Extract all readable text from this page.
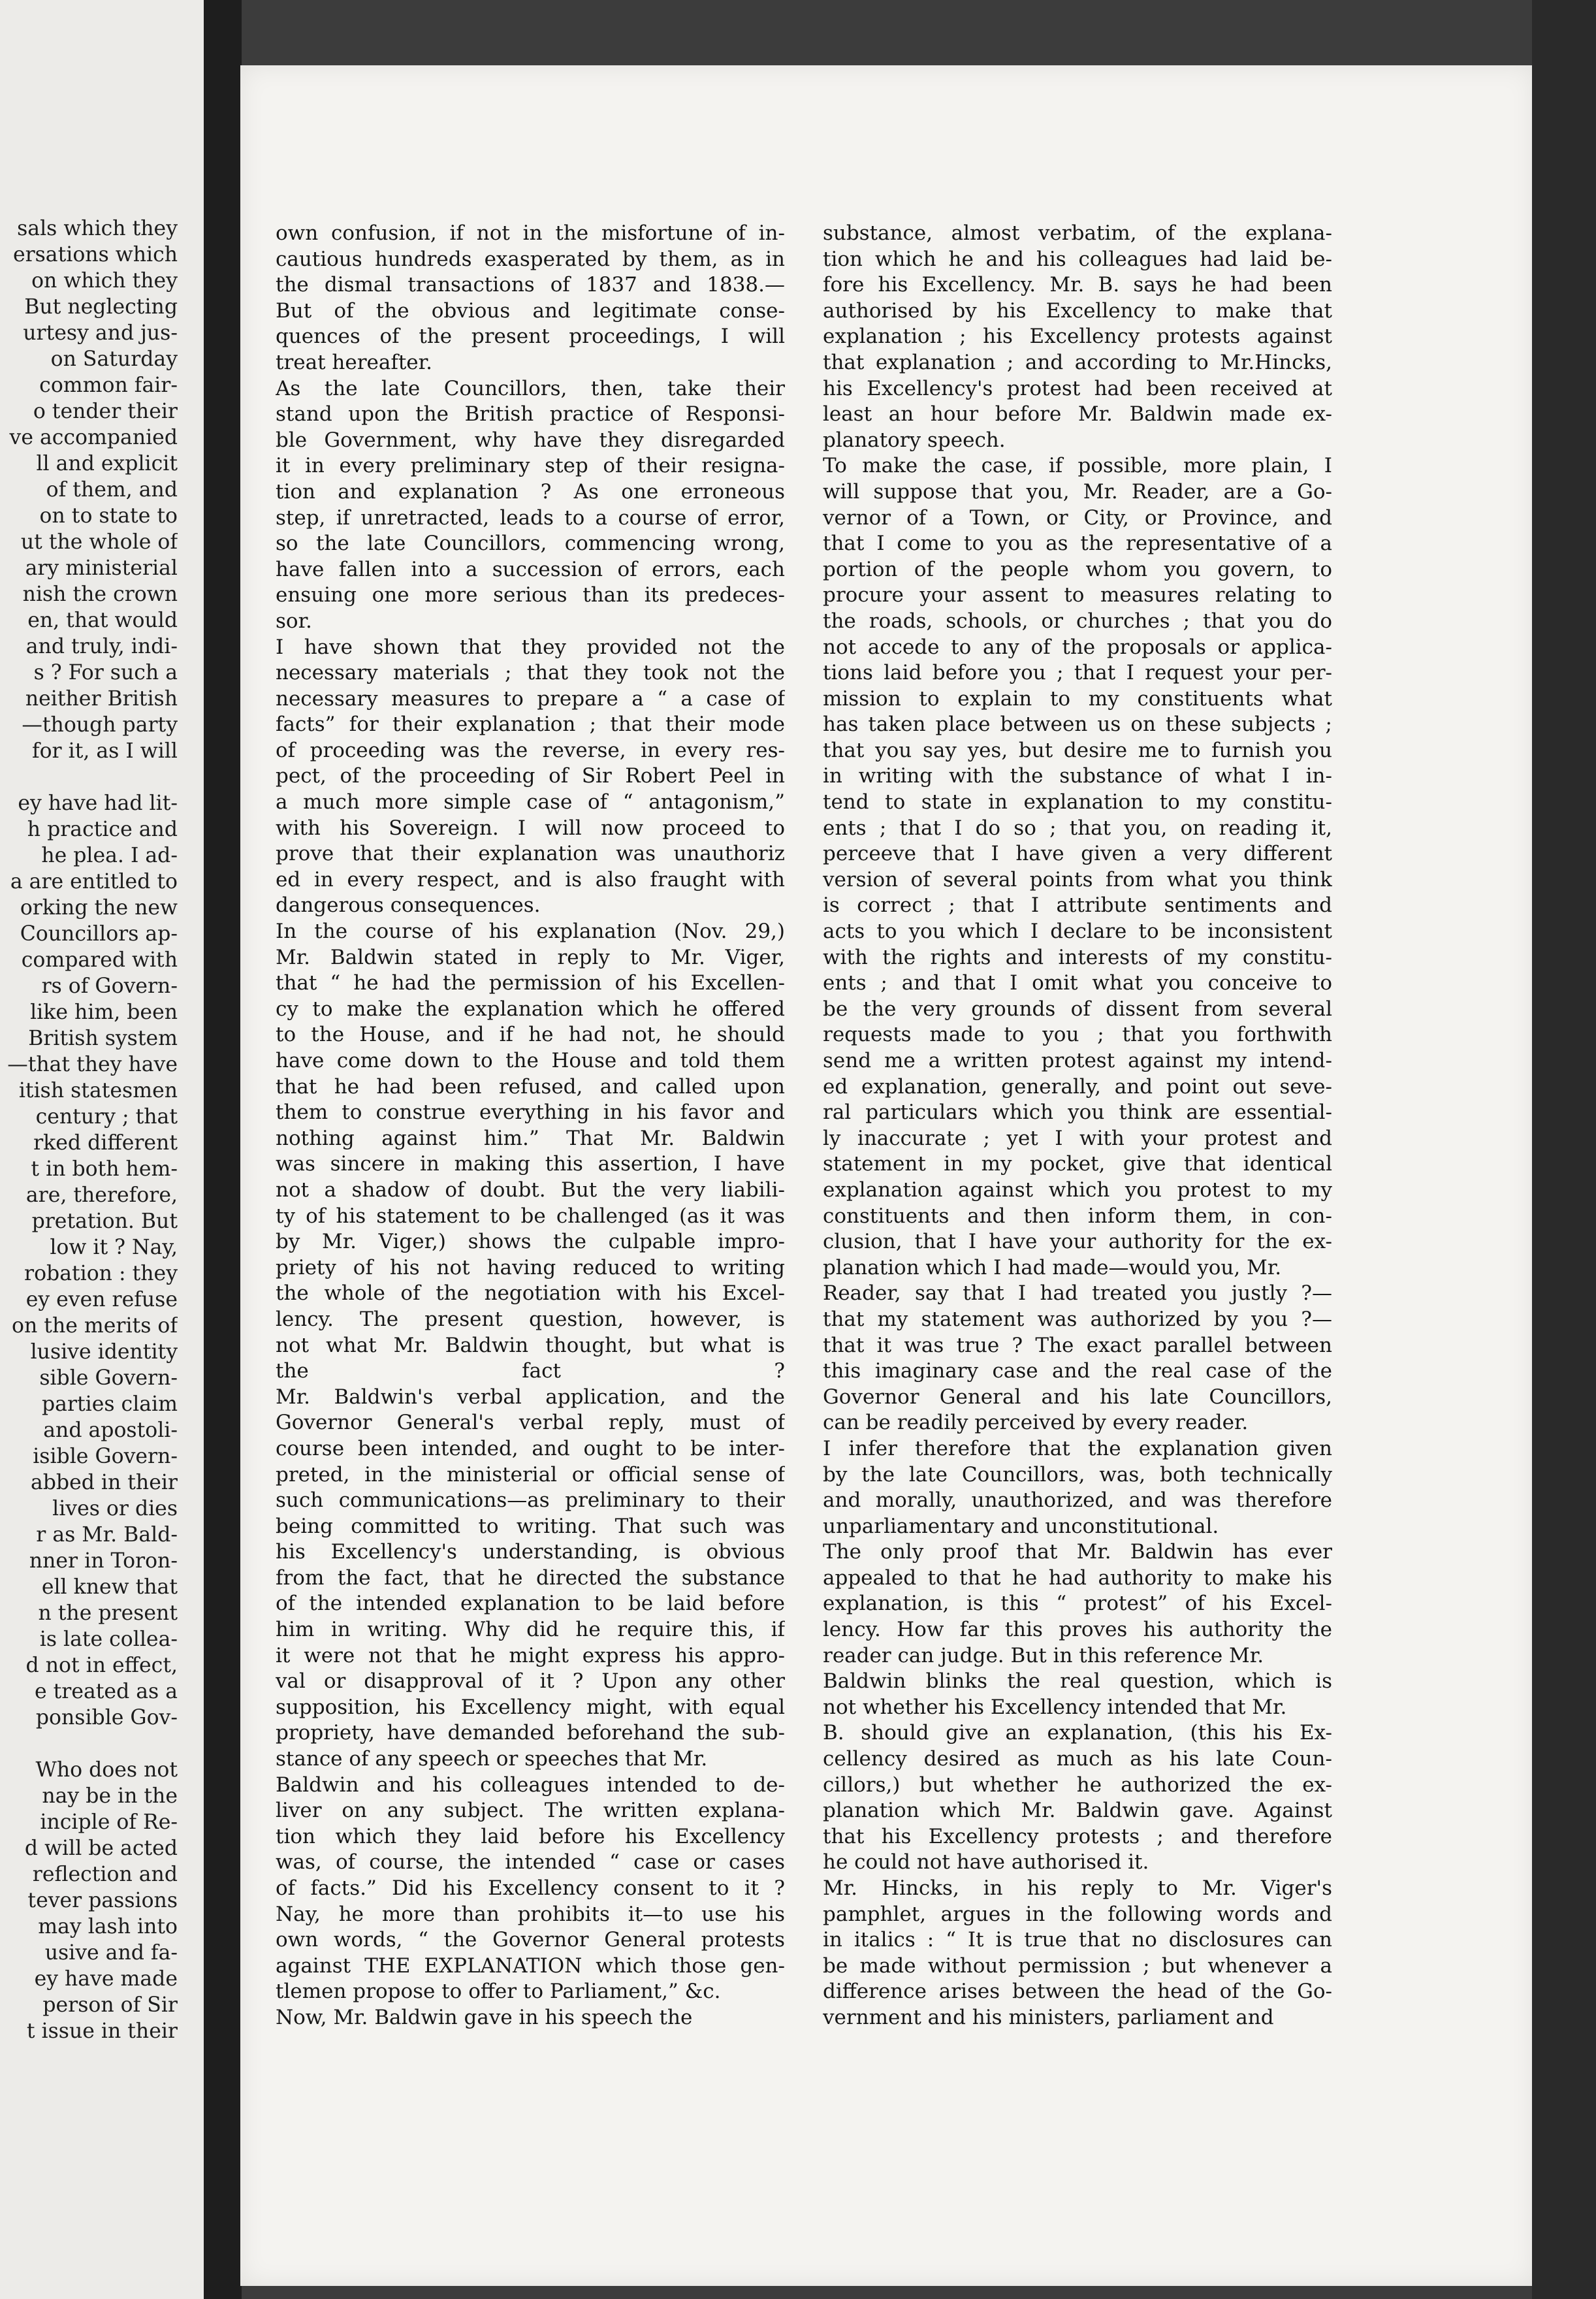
sals which they
ersations which
on which they
But neglecting
urtesy and jus-
on Saturday
common fair-
o tender their
ve accompanied
ll and explicit
of them, and
on to state to
ut the whole of
ary ministerial
nish the crown
en, that would
and truly, indi-
s ? For such a
neither British
—though party
for it, as I will
ey have had lit-
h practice and
he plea. I ad-
a are entitled to
orking the new
Councillors ap-
compared with
rs of Govern-
like him, been
British system
—that they have
itish statesmen
century ; that
rked different
t in both hem-
are, therefore,
pretation. But
low it ? Nay,
robation : they
ey even refuse
on the merits of
lusive identity
sible Govern-
parties claim
and apostoli-
isible Govern-
abbed in their
lives or dies
r as Mr. Bald-
nner in Toron-
ell knew that
n the present
is late collea-
d not in effect,
e treated as a
ponsible Gov-
Who does not
nay be in the
inciple of Re-
d will be acted
reflection and
tever passions
may lash into
usive and fa-
ey have made
person of Sir
t issue in their
own confusion, if not in the misfortune of in-
cautious hundreds exasperated by them, as in
the dismal transactions of 1837 and 1838.—
But of the obvious and legitimate conse-
quences of the present proceedings, I will
treat hereafter.
As the late Councillors, then, take their
stand upon the British practice of Responsi-
ble Government, why have they disregarded
it in every preliminary step of their resigna-
tion and explanation ? As one erroneous
step, if unretracted, leads to a course of error,
so the late Councillors, commencing wrong,
have fallen into a succession of errors, each
ensuing one more serious than its predeces-
sor.
I have shown that they provided not the
necessary materials ; that they took not the
necessary measures to prepare a “ a case of
facts” for their explanation ; that their mode
of proceeding was the reverse, in every res-
pect, of the proceeding of Sir Robert Peel in
a much more simple case of “ antagonism,”
with his Sovereign. I will now proceed to
prove that their explanation was unauthoriz
ed in every respect, and is also fraught with
dangerous consequences.
In the course of his explanation (Nov. 29,)
Mr. Baldwin stated in reply to Mr. Viger,
that “ he had the permission of his Excellen-
cy to make the explanation which he offered
to the House, and if he had not, he should
have come down to the House and told them
that he had been refused, and called upon
them to construe everything in his favor and
nothing against him.” That Mr. Baldwin
was sincere in making this assertion, I have
not a shadow of doubt. But the very liabili-
ty of his statement to be challenged (as it was
by Mr. Viger,) shows the culpable impro-
priety of his not having reduced to writing
the whole of the negotiation with his Excel-
lency. The present question, however, is
not what Mr. Baldwin thought, but what is
the fact ?
Mr. Baldwin's verbal application, and the
Governor General's verbal reply, must of
course been intended, and ought to be inter-
preted, in the ministerial or official sense of
such communications—as preliminary to their
being committed to writing. That such was
his Excellency's understanding, is obvious
from the fact, that he directed the substance
of the intended explanation to be laid before
him in writing. Why did he require this, if
it were not that he might express his appro-
val or disapproval of it ? Upon any other
supposition, his Excellency might, with equal
propriety, have demanded beforehand the sub-
stance of any speech or speeches that Mr.
Baldwin and his colleagues intended to de-
liver on any subject. The written explana-
tion which they laid before his Excellency
was, of course, the intended “ case or cases
of facts.” Did his Excellency consent to it ?
Nay, he more than prohibits it—to use his
own words, “ the Governor General protests
against THE EXPLANATION which those gen-
tlemen propose to offer to Parliament,” &c.
Now, Mr. Baldwin gave in his speech the
substance, almost verbatim, of the explana-
tion which he and his colleagues had laid be-
fore his Excellency. Mr. B. says he had been
authorised by his Excellency to make that
explanation ; his Excellency protests against
that explanation ; and according to Mr.Hincks,
his Excellency's protest had been received at
least an hour before Mr. Baldwin made ex-
planatory speech.
To make the case, if possible, more plain, I
will suppose that you, Mr. Reader, are a Go-
vernor of a Town, or City, or Province, and
that I come to you as the representative of a
portion of the people whom you govern, to
procure your assent to measures relating to
the roads, schools, or churches ; that you do
not accede to any of the proposals or applica-
tions laid before you ; that I request your per-
mission to explain to my constituents what
has taken place between us on these subjects ;
that you say yes, but desire me to furnish you
in writing with the substance of what I in-
tend to state in explanation to my constitu-
ents ; that I do so ; that you, on reading it,
perceeve that I have given a very different
version of several points from what you think
is correct ; that I attribute sentiments and
acts to you which I declare to be inconsistent
with the rights and interests of my constitu-
ents ; and that I omit what you conceive to
be the very grounds of dissent from several
requests made to you ; that you forthwith
send me a written protest against my intend-
ed explanation, generally, and point out seve-
ral particulars which you think are essential-
ly inaccurate ; yet I with your protest and
statement in my pocket, give that identical
explanation against which you protest to my
constituents and then inform them, in con-
clusion, that I have your authority for the ex-
planation which I had made—would you, Mr.
Reader, say that I had treated you justly ?—
that my statement was authorized by you ?—
that it was true ? The exact parallel between
this imaginary case and the real case of the
Governor General and his late Councillors,
can be readily perceived by every reader.
I infer therefore that the explanation given
by the late Councillors, was, both technically
and morally, unauthorized, and was therefore
unparliamentary and unconstitutional.
The only proof that Mr. Baldwin has ever
appealed to that he had authority to make his
explanation, is this “ protest” of his Excel-
lency. How far this proves his authority the
reader can judge. But in this reference Mr.
Baldwin blinks the real question, which is
not whether his Excellency intended that Mr.
B. should give an explanation, (this his Ex-
cellency desired as much as his late Coun-
cillors,) but whether he authorized the ex-
planation which Mr. Baldwin gave. Against
that his Excellency protests ; and therefore
he could not have authorised it.
Mr. Hincks, in his reply to Mr. Viger's
pamphlet, argues in the following words and
in italics : “ It is true that no disclosures can
be made without permission ; but whenever a
difference arises between the head of the Go-
vernment and his ministers, parliament and
